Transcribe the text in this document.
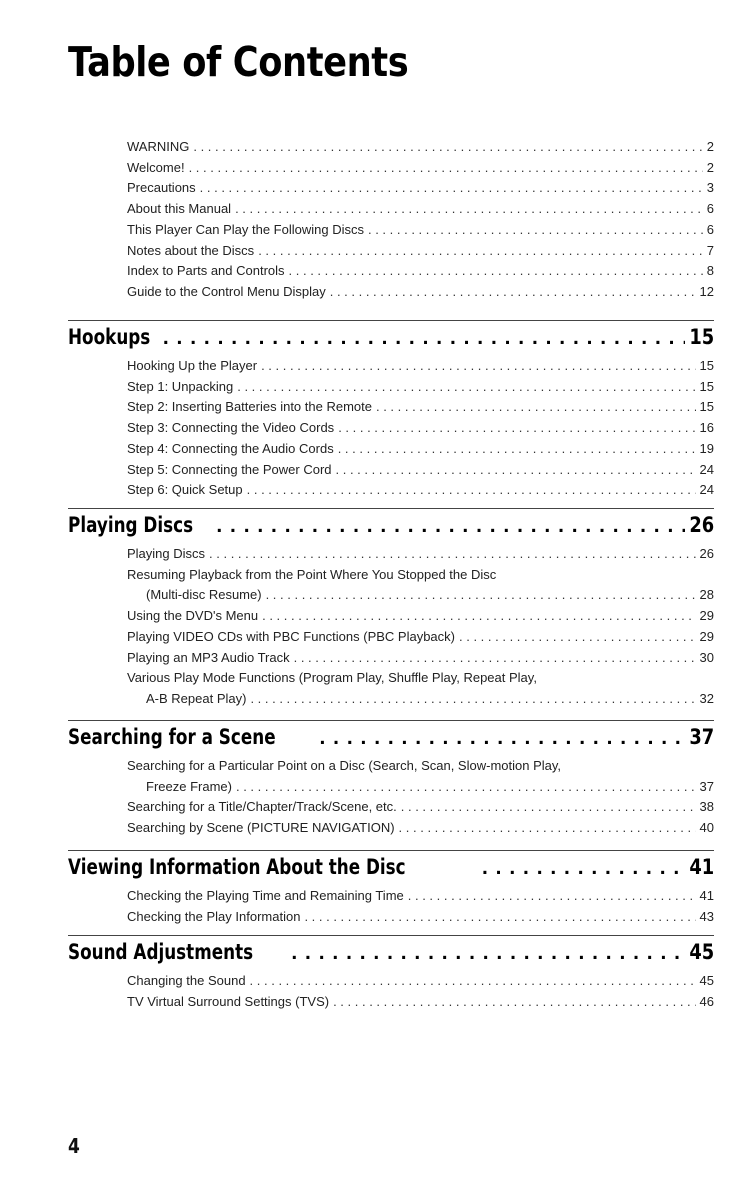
Table of Contents
WARNING . . .	2
Welcome! . . .	2
Precautions . . .	3
About this Manual . . .	6
This Player Can Play the Following Discs . . .	6
Notes about the Discs . . .	7
Index to Parts and Controls . . .	8
Guide to the Control Menu Display . . .	12
Hookups . . .	15
Hooking Up the Player . . .	15
Step 1: Unpacking . . .	15
Step 2: Inserting Batteries into the Remote . . .	15
Step 3: Connecting the Video Cords . . .	16
Step 4: Connecting the Audio Cords . . .	19
Step 5: Connecting the Power Cord . . .	24
Step 6: Quick Setup . . .	24
Playing Discs . . .	26
Playing Discs . . .	26
Resuming Playback from the Point Where You Stopped the Disc
(Multi-disc Resume) . . .	28
Using the DVD's Menu . . .	29
Playing VIDEO CDs with PBC Functions (PBC Playback) . . .	29
Playing an MP3 Audio Track . . .	30
Various Play Mode Functions (Program Play, Shuffle Play, Repeat Play,
A-B Repeat Play) . . .	32
Searching for a Scene . . .	37
Searching for a Particular Point on a Disc (Search, Scan, Slow-motion Play,
Freeze Frame) . . .	37
Searching for a Title/Chapter/Track/Scene, etc. . . .	38
Searching by Scene (PICTURE NAVIGATION) . . .	40
Viewing Information About the Disc . . .	41
Checking the Playing Time and Remaining Time . . .	41
Checking the Play Information . . .	43
Sound Adjustments . . .	45
Changing the Sound . . .	45
TV Virtual Surround Settings (TVS) . . .	46
4
